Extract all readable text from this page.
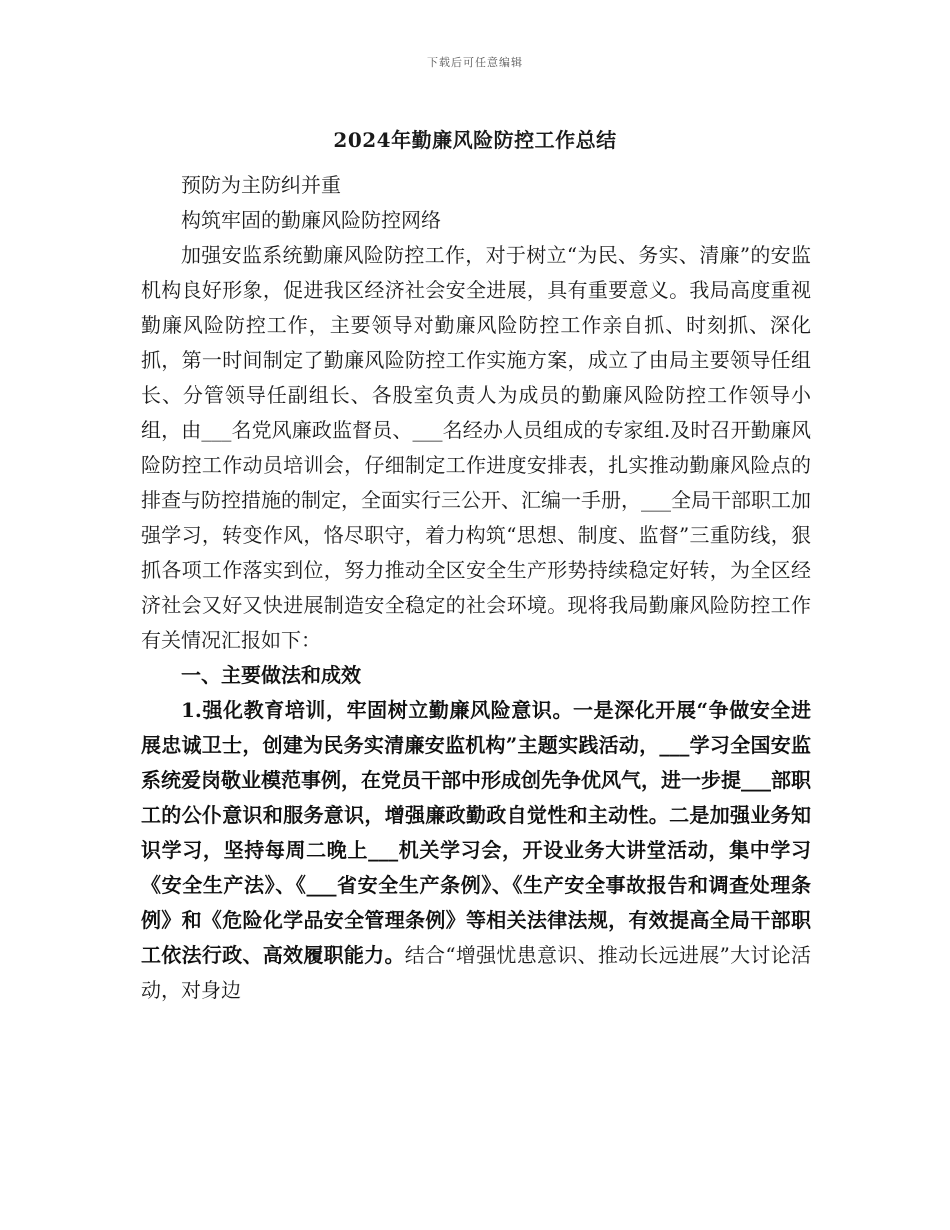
下载后可任意编辑
2024年勤廉风险防控工作总结

预防为主防纠并重

构筑牢固的勤廉风险防控网络

加强安监系统勤廉风险防控工作，对于树立“为民、务实、清廉”的安监机构良好形象，促进我区经济社会安全进展，具有重要意义。我局高度重视勤廉风险防控工作，主要领导对勤廉风险防控工作亲自抓、时刻抓、深化抓，第一时间制定了勤廉风险防控工作实施方案，成立了由局主要领导任组长、分管领导任副组长、各股室负责人为成员的勤廉风险防控工作领导小组，由___名党风廉政监督员、___名经办人员组成的专家组.及时召开勤廉风险防控工作动员培训会，仔细制定工作进度安排表，扎实推动勤廉风险点的排查与防控措施的制定，全面实行三公开、汇编一手册，___全局干部职工加强学习，转变作风，恪尽职守，着力构筑“思想、制度、监督”三重防线，狠抓各项工作落实到位，努力推动全区安全生产形势持续稳定好转，为全区经济社会又好又快进展制造安全稳定的社会环境。现将我局勤廉风险防控工作有关情况汇报如下：

一、主要做法和成效

1.强化教育培训，牢固树立勤廉风险意识。一是深化开展“争做安全进展忠诚卫士，创建为民务实清廉安监机构”主题实践活动，___学习全国安监系统爱岗敬业模范事例，在党员干部中形成创先争优风气，进一步提___部职工的公仆意识和服务意识，增强廉政勤政自觉性和主动性。二是加强业务知识学习，坚持每周二晚上___机关学习会，开设业务大讲堂活动，集中学习《安全生产法》、《___省安全生产条例》、《生产安全事故报告和调查处理条例》和《危险化学品安全管理条例》等相关法律法规，有效提高全局干部职工依法行政、高效履职能力。结合“增强忧患意识、推动长远进展”大讨论活动，对身边
